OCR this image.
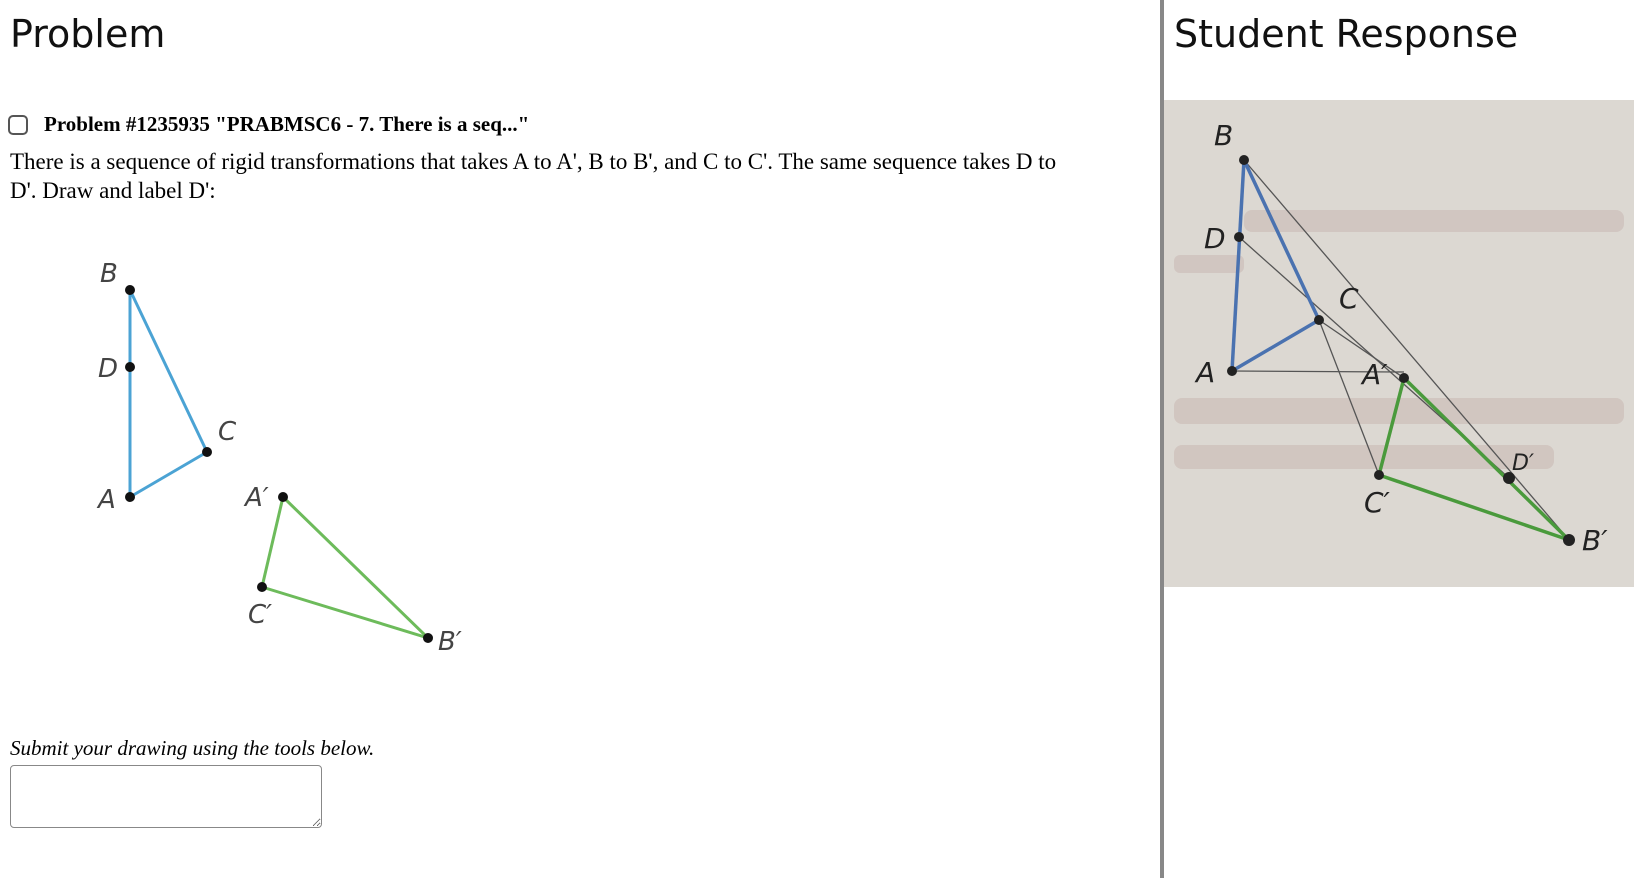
Problem
Problem #1235935 "PRABMSC6 - 7. There is a seq..."

There is a sequence of rigid transformations that takes A to A', B to B', and C to C'. The same sequence takes D to D'. Draw and label D':

B
D
C
A	A′
C′
B′
Submit your drawing using the tools below.
Student Response
B
D
C
A	A′
C′
D′
B′
